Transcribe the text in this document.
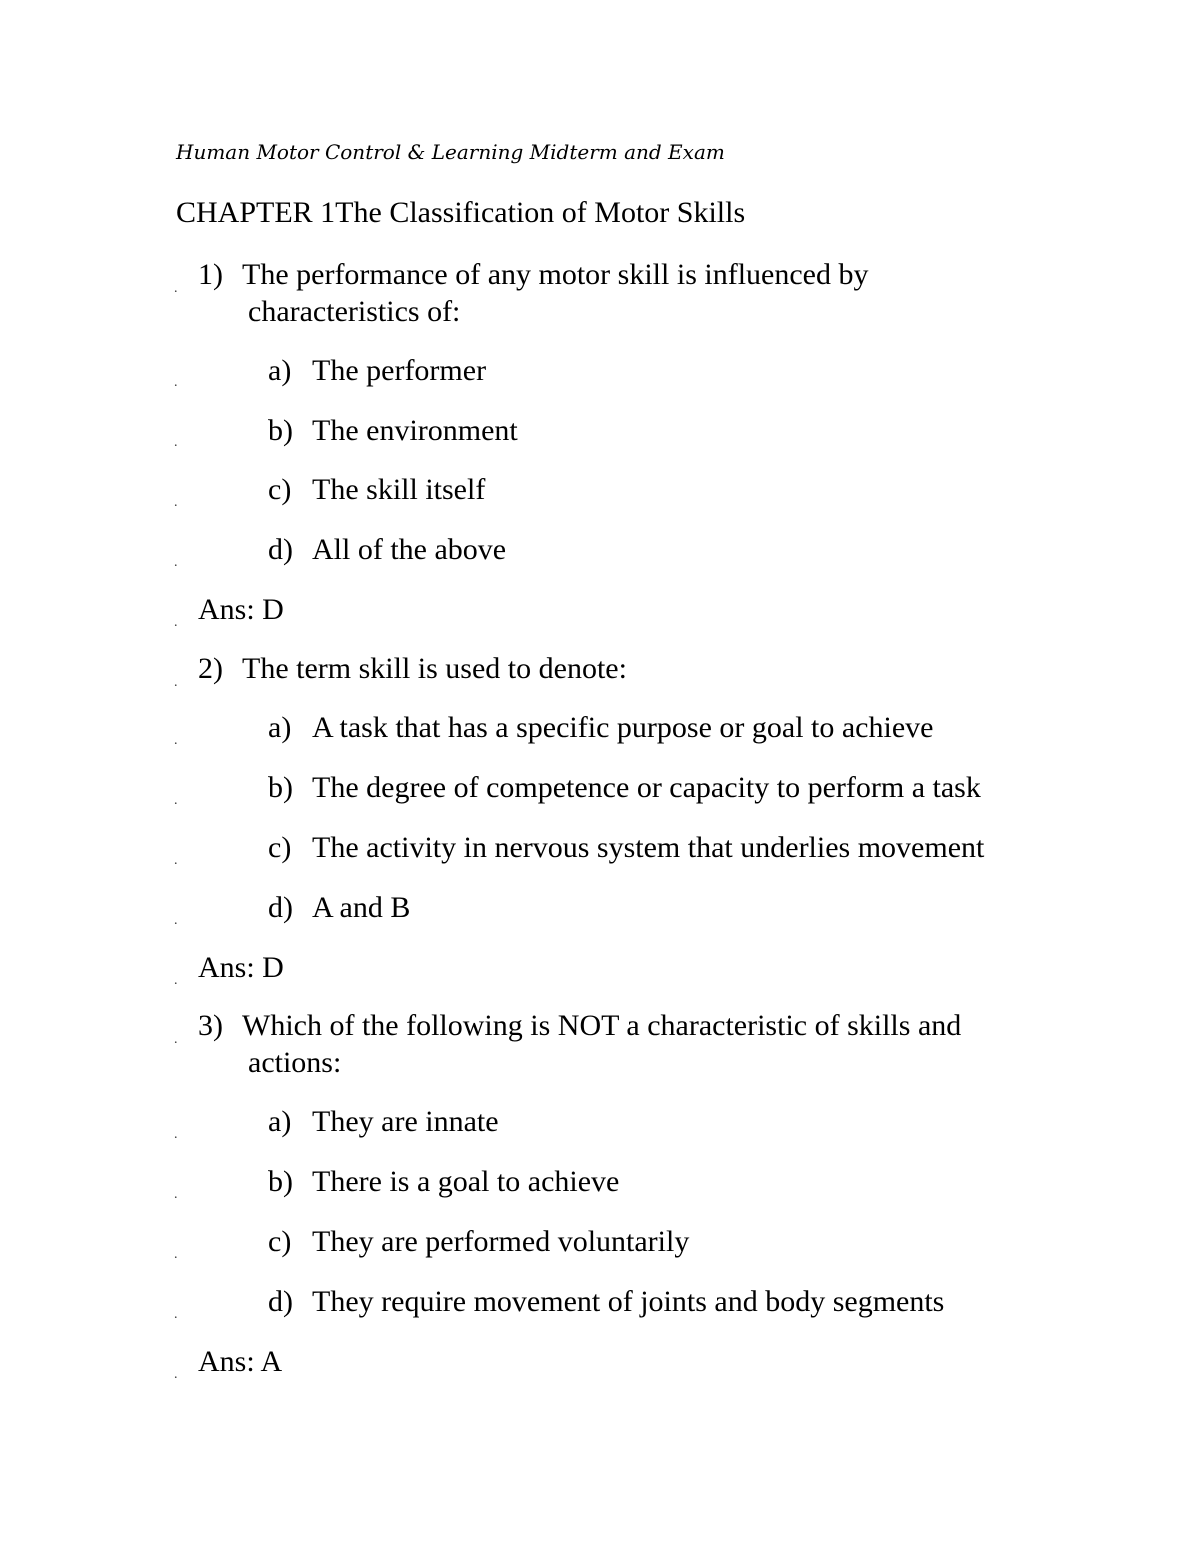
Human Motor Control & Learning Midterm and Exam
CHAPTER 1The Classification of Motor Skills
. 1) The performance of any motor skill is influenced by
characteristics of:
.	a) The performer
.	b) The environment
.	c) The skill itself
.	d) All of the above
. Ans: D
. 2) The term skill is used to denote:
.	a) A task that has a specific purpose or goal to achieve
.	b) The degree of competence or capacity to perform a task
.	c) The activity in nervous system that underlies movement
.	d) A and B
. Ans: D
. 3) Which of the following is NOT a characteristic of skills and
actions:
.	a) They are innate
.	b) There is a goal to achieve
.	c) They are performed voluntarily
.	d) They require movement of joints and body segments
. Ans: A
